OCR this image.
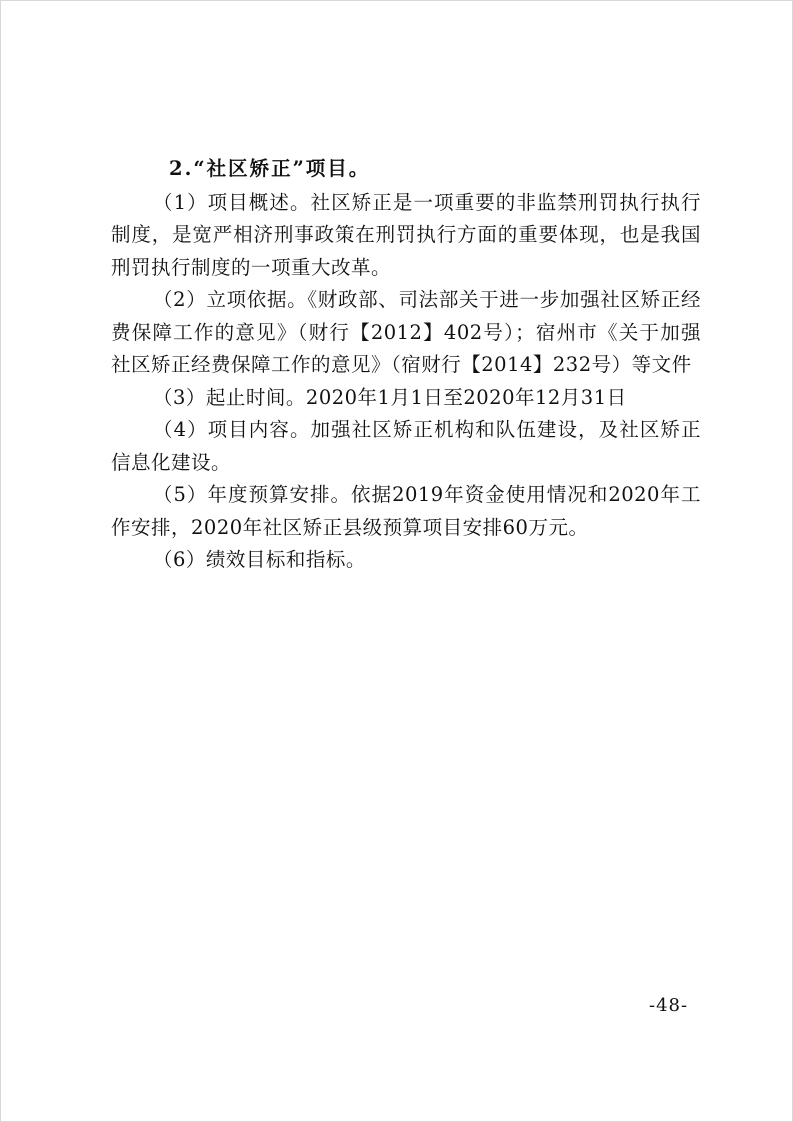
2.“社区矫正”项目。

（1）项目概述。社区矫正是一项重要的非监禁刑罚执行执行制度，是宽严相济刑事政策在刑罚执行方面的重要体现，也是我国刑罚执行制度的一项重大改革。

（2）立项依据。《财政部、司法部关于进一步加强社区矫正经费保障工作的意见》（财行【2012】402号）；宿州市《关于加强社区矫正经费保障工作的意见》（宿财行【2014】232号）等文件

（3）起止时间。2020年1月1日至2020年12月31日

（4）项目内容。加强社区矫正机构和队伍建设，及社区矫正信息化建设。

（5）年度预算安排。依据2019年资金使用情况和2020年工作安排，2020年社区矫正县级预算项目安排60万元。

（6）绩效目标和指标。

-48-
